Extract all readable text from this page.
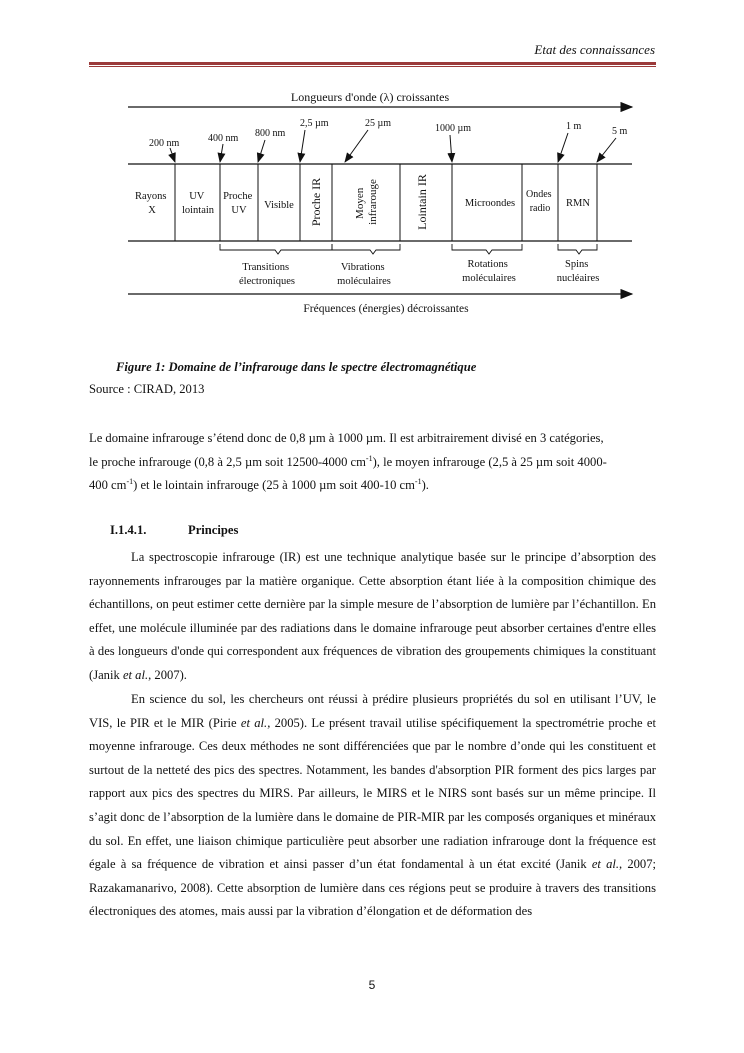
Etat des connaissances
Longueurs d'onde (λ) croissantes
200 nm	400 nm 800 nm
2,5 µm	25 µm	1000 µm	1 m	5 m
Rayons X
UV lointain
Proche UV	Visible Proche IR	Moyen infrarouge	Lointain IR	Microondes
Ondes radio	RMN
Transitions électroniques
Vibrations moléculaires
Rotations moléculaires
Spins nucléaires
Fréquences (énergies) décroissantes
Figure 1: Domaine de l’infrarouge dans le spectre électromagnétique
Source : CIRAD, 2013
Le domaine infrarouge s’étend donc de 0,8 µm à 1000 µm. Il est arbitrairement divisé en 3 catégories,
le proche infrarouge (0,8 à 2,5 µm soit 12500-4000 $cm^{-1}$), le moyen infrarouge (2,5 à 25 µm soit 4000-
400 $cm^{-1}$) et le lointain infrarouge (25 à 1000 µm soit 400-10 $cm^{-1}$).
I.1.4.1.	Principes

La spectroscopie infrarouge (IR) est une technique analytique basée sur le principe d’absorption des rayonnements infrarouges par la matière organique. Cette absorption étant liée à la composition chimique des échantillons, on peut estimer cette dernière par la simple mesure de l’absorption de lumière par l’échantillon. En effet, une molécule illuminée par des radiations dans le domaine infrarouge peut absorber certaines d'entre elles à des longueurs d'onde qui correspondent aux fréquences de vibration des groupements chimiques la constituant (Janik et al., 2007).

En science du sol, les chercheurs ont réussi à prédire plusieurs propriétés du sol en utilisant l’UV, le VIS, le PIR et le MIR (Pirie et al., 2005). Le présent travail utilise spécifiquement la spectrométrie proche et moyenne infrarouge. Ces deux méthodes ne sont différenciées que par le nombre d’onde qui les constituent et surtout de la netteté des pics des spectres. Notamment, les bandes d'absorption PIR forment des pics larges par rapport aux pics des spectres du MIRS. Par ailleurs, le MIRS et le NIRS sont basés sur un même principe. Il s’agit donc de l’absorption de la lumière dans le domaine de PIR-MIR par les composés organiques et minéraux du sol. En effet, une liaison chimique particulière peut absorber une radiation infrarouge dont la fréquence est égale à sa fréquence de vibration et ainsi passer d’un état fondamental à un état excité (Janik et al., 2007; Razakamanarivo, 2008). Cette absorption de lumière dans ces régions peut se produire à travers des transitions électroniques des atomes, mais aussi par la vibration d’élongation et de déformation des

5
